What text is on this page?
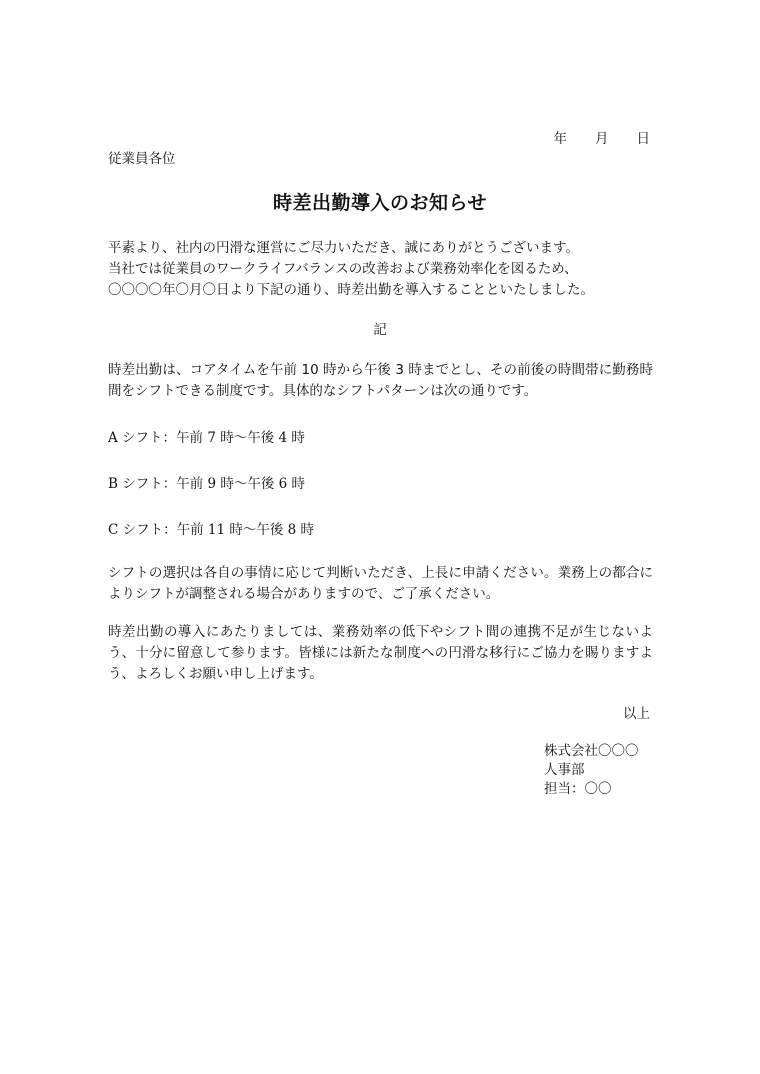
年 月 日
従業員各位
時差出勤導入のお知らせ
平素より、社内の円滑な運営にご尽力いただき、誠にありがとうございます。
当社では従業員のワークライフバランスの改善および業務効率化を図るため、
〇〇〇〇年〇月〇日より下記の通り、時差出勤を導入することといたしました。
記
時差出勤は、コアタイムを午前 10 時から午後 3 時までとし、その前後の時間帯に勤務時間をシフトできる制度です。具体的なシフトパターンは次の通りです。
A シフト：午前 7 時〜午後 4 時
B シフト：午前 9 時〜午後 6 時
C シフト：午前 11 時〜午後 8 時
シフトの選択は各自の事情に応じて判断いただき、上長に申請ください。業務上の都合によりシフトが調整される場合がありますので、ご了承ください。
時差出勤の導入にあたりましては、業務効率の低下やシフト間の連携不足が生じないよう、十分に留意して参ります。皆様には新たな制度への円滑な移行にご協力を賜りますよう、よろしくお願い申し上げます。
以上
株式会社〇〇〇
人事部
担当：〇〇
